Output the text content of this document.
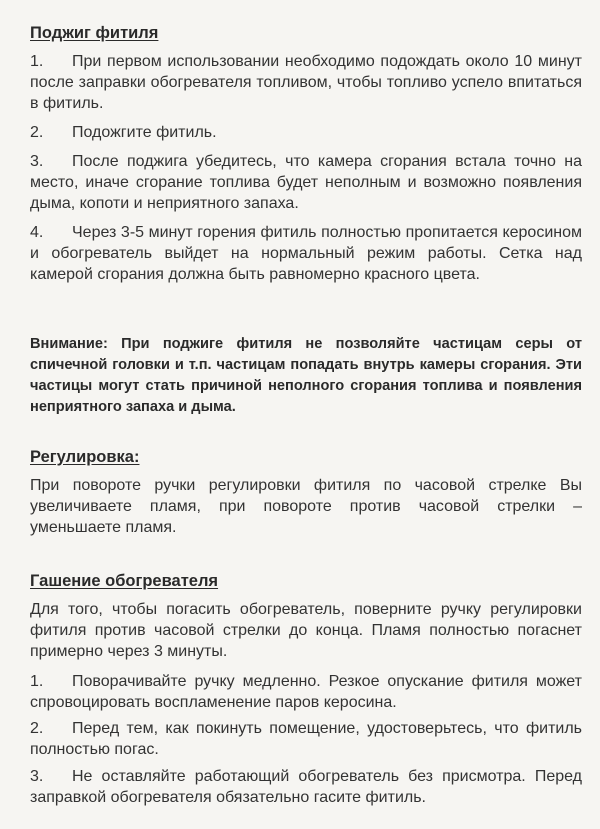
Поджиг фитиля
1. При первом использовании необходимо подождать около 10 минут после заправки обогревателя топливом, чтобы топливо успело впитаться в фитиль.
2. Подожгите фитиль.
3. После поджига убедитесь, что камера сгорания встала точно на место, иначе сгорание топлива будет неполным и возможно появления дыма, копоти и неприятного запаха.
4. Через 3-5 минут горения фитиль полностью пропитается керосином и обогреватель выйдет на нормальный режим работы. Сетка над камерой сгорания должна быть равномерно красного цвета.
Внимание: При поджиге фитиля не позволяйте частицам серы от спичечной головки и т.п. частицам попадать внутрь камеры сгорания. Эти частицы могут стать причиной неполного сгорания топлива и появления неприятного запаха и дыма.
Регулировка:
При повороте ручки регулировки фитиля по часовой стрелке Вы увеличиваете пламя, при повороте против часовой стрелки – уменьшаете пламя.
Гашение обогревателя
Для того, чтобы погасить обогреватель, поверните ручку регулировки фитиля против часовой стрелки до конца. Пламя полностью погаснет примерно через 3 минуты.
1. Поворачивайте ручку медленно. Резкое опускание фитиля может спровоцировать воспламенение паров керосина.
2. Перед тем, как покинуть помещение, удостоверьтесь, что фитиль полностью погас.
3. Не оставляйте работающий обогреватель без присмотра. Перед заправкой обогревателя обязательно гасите фитиль.
